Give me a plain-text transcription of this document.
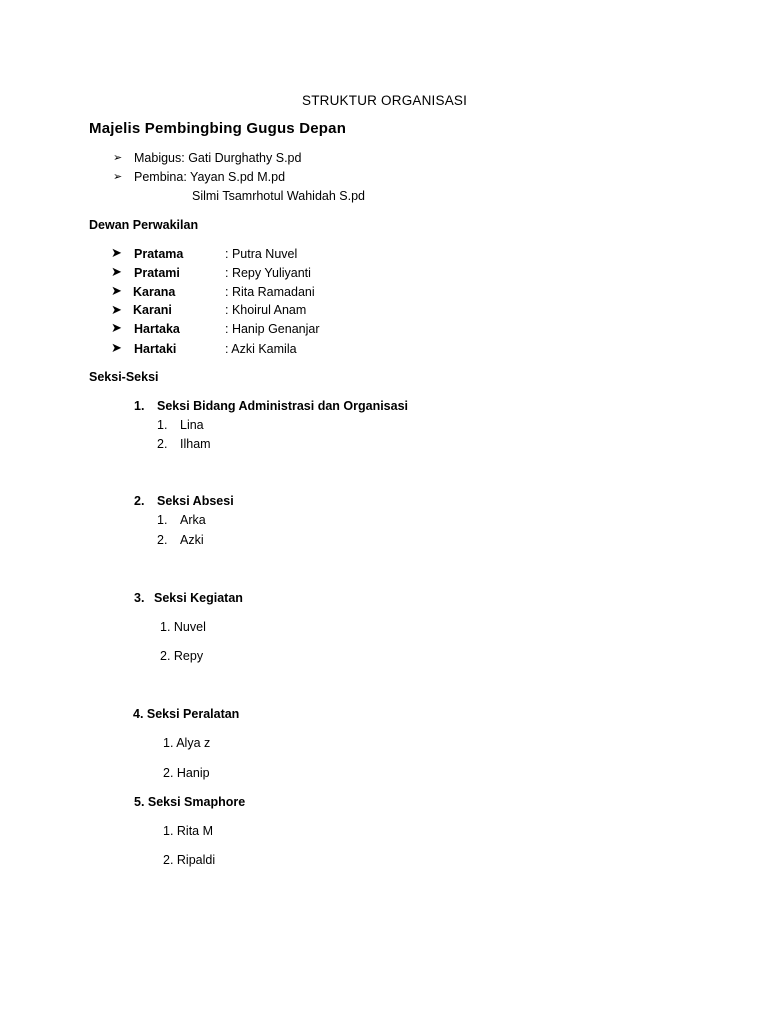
STRUKTUR ORGANISASI
Majelis Pembingbing Gugus Depan
➢ Mabigus: Gati Durghathy S.pd
➢ Pembina: Yayan S.pd M.pd
Silmi Tsamrhotul Wahidah S.pd
Dewan Perwakilan
➤ Pratama	: Putra Nuvel
➤ Pratami	: Repy Yuliyanti
➤ Karana	: Rita Ramadani
➤ Karani	: Khoirul Anam
➤ Hartaka	: Hanip Genanjar
➤ Hartaki	: Azki Kamila
Seksi-Seksi
1. Seksi Bidang Administrasi dan Organisasi
1. Lina
2. Ilham
2. Seksi Absesi
1. Arka
2. Azki
3. Seksi Kegiatan
1. Nuvel
2. Repy
4. Seksi Peralatan
1. Alya z
2. Hanip
5. Seksi Smaphore
1. Rita M
2. Ripaldi
